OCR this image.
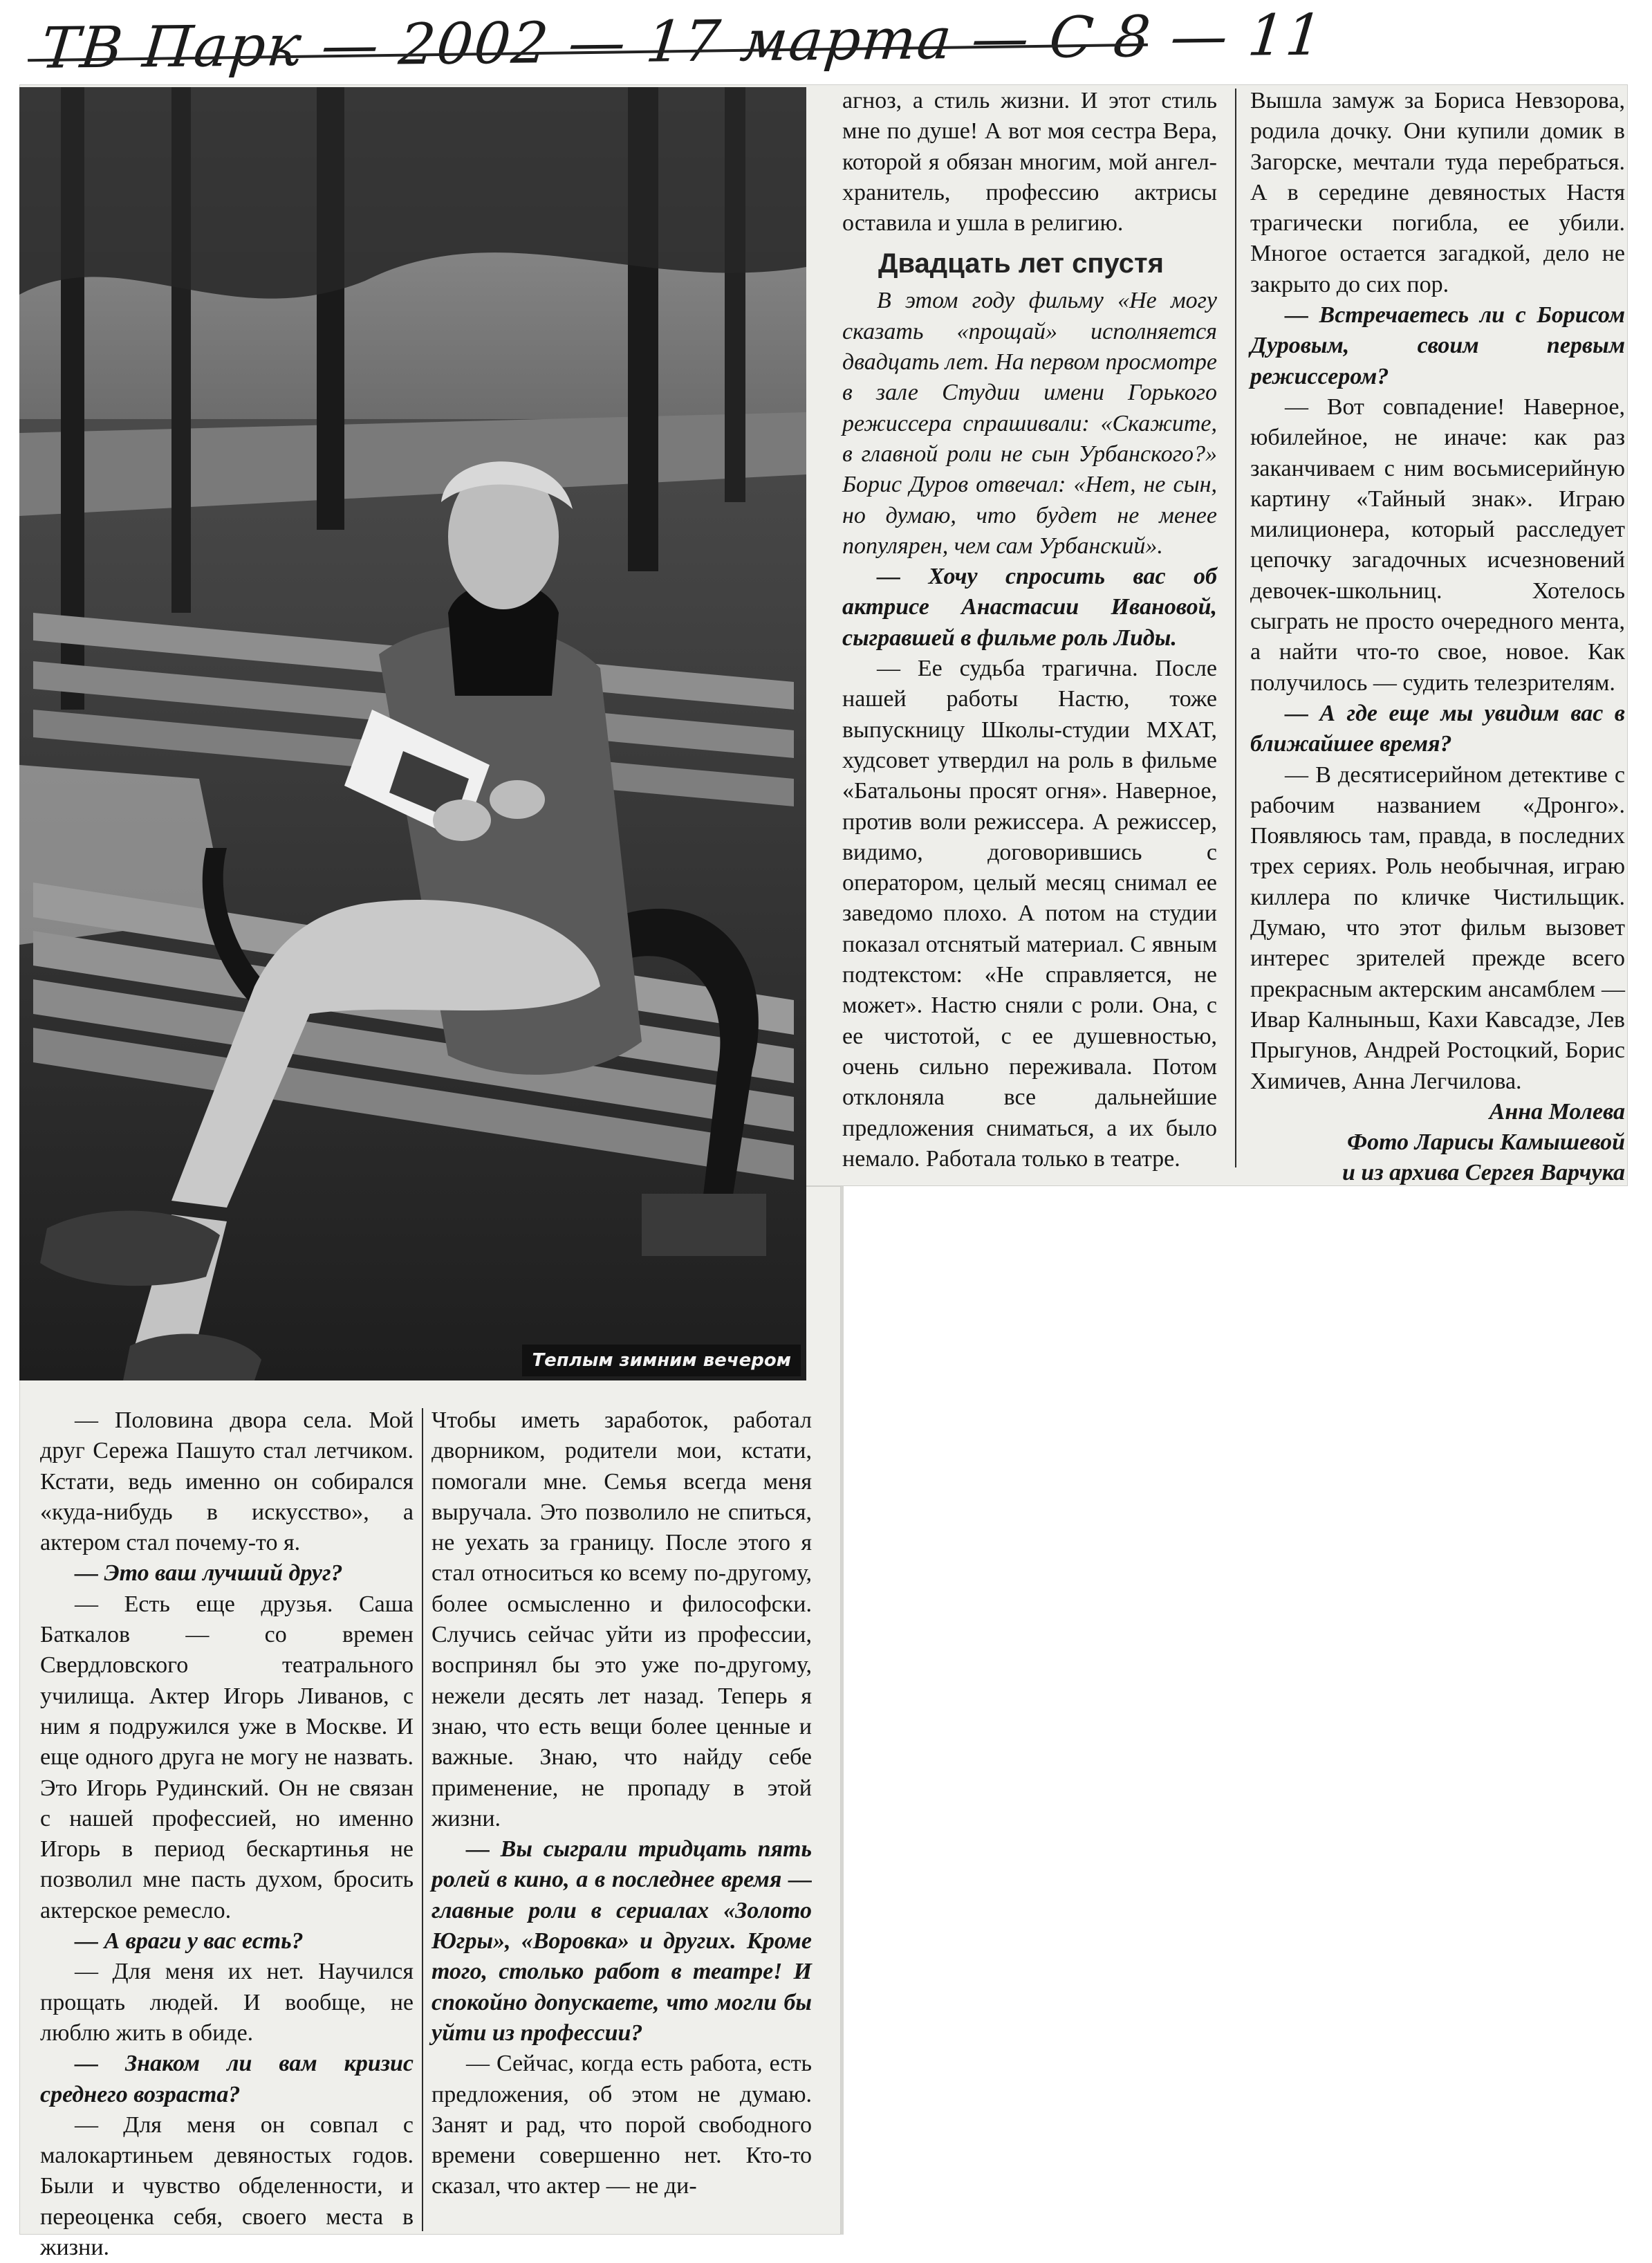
ТВ Парк — 2002 — 17 марта — С 8 — 11
Теплым зимним вечером

агноз, а стиль жизни. И этот стиль мне по душе! А вот моя сестра Вера, которой я обязан многим, мой ангел-хранитель, профессию актрисы оставила и ушла в религию.

Двадцать лет спустя

В этом году фильму «Не могу сказать «прощай» исполняется двадцать лет. На первом просмотре в зале Студии имени Горького режиссера спрашивали: «Скажите, в главной роли не сын Урбанского?» Борис Дуров отвечал: «Нет, не сын, но думаю, что будет не менее популярен, чем сам Урбанский».

— Хочу спросить вас об актрисе Анастасии Ивановой, сыгравшей в фильме роль Лиды.

— Ее судьба трагична. После нашей работы Настю, тоже выпускницу Школы-студии МХАТ, худсовет утвердил на роль в фильме «Батальоны просят огня». Наверное, против воли режиссера. А режиссер, видимо, договорившись с оператором, целый месяц снимал ее заведомо плохо. А потом на студии показал отснятый материал. С явным подтекстом: «Не справляется, не может». Настю сняли с роли. Она, с ее чистотой, с ее душевностью, очень сильно переживала. Потом отклоняла все дальнейшие предложения сниматься, а их было немало. Работала только в театре.

Вышла замуж за Бориса Невзорова, родила дочку. Они купили домик в Загорске, мечтали туда перебраться. А в середине девяностых Настя трагически погибла, ее убили. Многое остается загадкой, дело не закрыто до сих пор.

— Встречаетесь ли с Борисом Дуровым, своим первым режиссером?

— Вот совпадение! Наверное, юбилейное, не иначе: как раз заканчиваем с ним восьмисерийную картину «Тайный знак». Играю милиционера, который расследует цепочку загадочных исчезновений девочек-школьниц. Хотелось сыграть не просто очередного мента, а найти что-то свое, новое. Как получилось — судить телезрителям.

— А где еще мы увидим вас в ближайшее время?

— В десятисерийном детективе с рабочим названием «Дронго». Появляюсь там, правда, в последних трех сериях. Роль необычная, играю киллера по кличке Чистильщик. Думаю, что этот фильм вызовет интерес зрителей прежде всего прекрасным актерским ансамблем — Ивар Калныньш, Кахи Кавсадзе, Лев Прыгунов, Андрей Ростоцкий, Борис Химичев, Анна Легчилова.

Анна Молева

Фото Ларисы Камышевой

и из архива Сергея Варчука

— Половина двора села. Мой друг Сережа Пашуто стал летчиком. Кстати, ведь именно он собирался «куда-нибудь в искусство», а актером стал почему-то я.

— Это ваш лучший друг?

— Есть еще друзья. Саша Баткалов — со времен Свердловского театрального училища. Актер Игорь Ливанов, с ним я подружился уже в Москве. И еще одного друга не могу не назвать. Это Игорь Рудинский. Он не связан с нашей профессией, но именно Игорь в период бескартинья не позволил мне пасть духом, бросить актерское ремесло.

— А враги у вас есть?

— Для меня их нет. Научился прощать людей. И вообще, не люблю жить в обиде.

— Знаком ли вам кризис среднего возраста?

— Для меня он совпал с малокартиньем девяностых годов. Были и чувство обделенности, и переоценка себя, своего места в жизни.

Чтобы иметь заработок, работал дворником, родители мои, кстати, помогали мне. Семья всегда меня выручала. Это позволило не спиться, не уехать за границу. После этого я стал относиться ко всему по-другому, более осмысленно и философски. Случись сейчас уйти из профессии, воспринял бы это уже по-другому, нежели десять лет назад. Теперь я знаю, что есть вещи более ценные и важные. Знаю, что найду себе применение, не пропаду в этой жизни.

— Вы сыграли тридцать пять ролей в кино, а в последнее время — главные роли в сериалах «Золото Югры», «Воровка» и других. Кроме того, столько работ в театре! И спокойно допускаете, что могли бы уйти из профессии?

— Сейчас, когда есть работа, есть предложения, об этом не думаю. Занят и рад, что порой свободного времени совершенно нет. Кто-то сказал, что актер — не ди-
